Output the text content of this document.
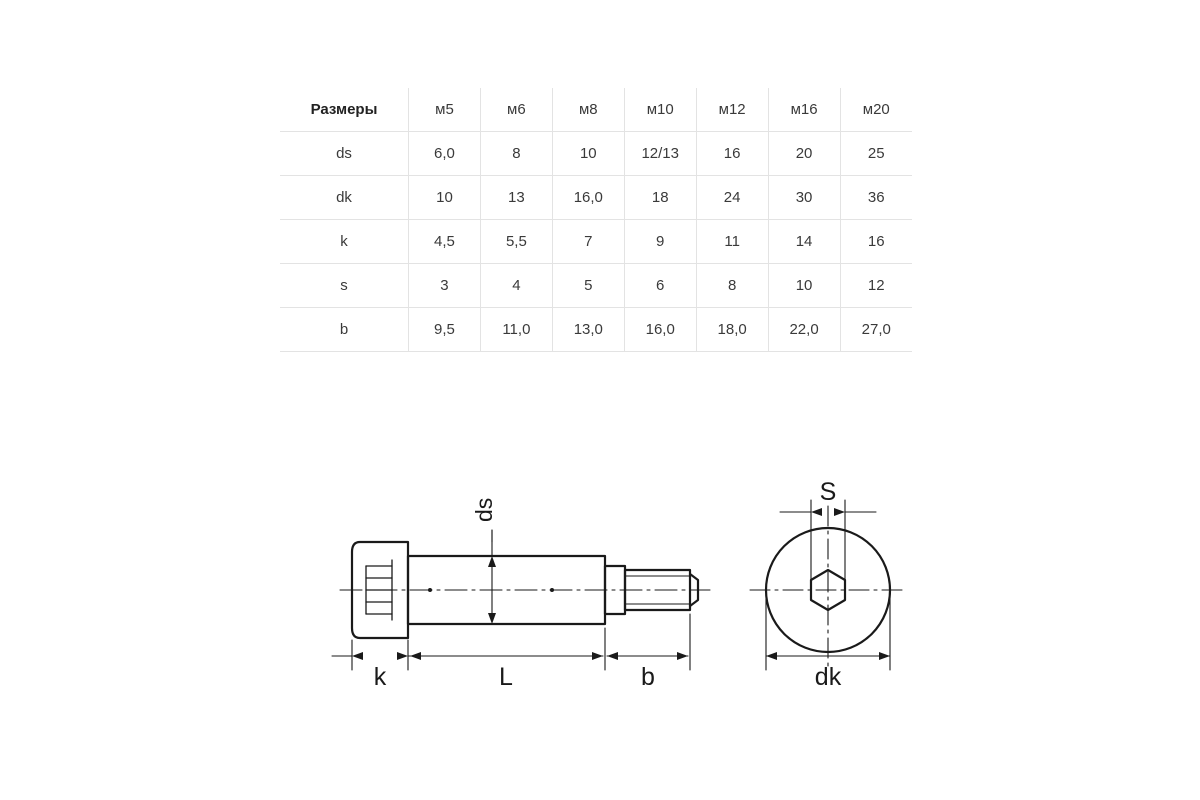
Размеры	м5	м6	м8	м10	м12	м16	м20
ds	6,0	8	10	12/13	16	20	25
dk	10	13	16,0	18	24	30	36
k	4,5	5,5	7	9	11	14	16
s	3	4	5	6	8	10	12
b	9,5	11,0	13,0	16,0	18,0	22,0	27,0
ds
k	L	b
S
dk
